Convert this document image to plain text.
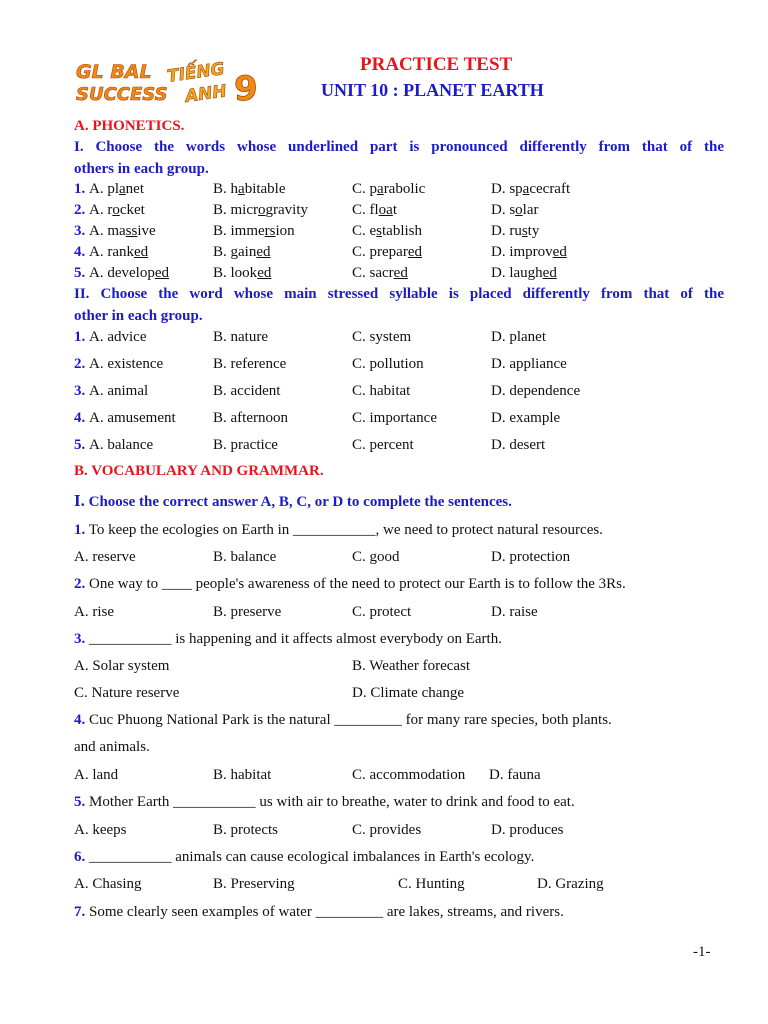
GL BAL
SUCCESS
TIẾNG
ANH 9
PRACTICE TEST
UNIT 10 : PLANET EARTH
A. PHONETICS.
I. Choose the words whose underlined part is pronounced differently from that of the
others in each group.
1. A. planet	B. habitable	C. parabolic	D. spacecraft
2. A. rocket	B. microgravity	C. float	D. solar
3. A. massive	B. immersion	C. establish	D. rusty
4. A. ranked	B. gained	C. prepared	D. improved
5. A. developed	B. looked	C. sacred	D. laughed
II. Choose the word whose main stressed syllable is placed differently from that of the
other in each group.
1. A. advice	B. nature	C. system	D. planet
2. A. existence	B. reference	C. pollution	D. appliance
3. A. animal	B. accident	C. habitat	D. dependence
4. A. amusement B. afternoon	C. importance	D. example
5. A. balance	B. practice	C. percent	D. desert
B. VOCABULARY AND GRAMMAR.
I. Choose the correct answer A, B, C, or D to complete the sentences.
1. To keep the ecologies on Earth in ___________, we need to protect natural resources.
A. reserve	B. balance	C. good	D. protection
2. One way to ____ people's awareness of the need to protect our Earth is to follow the 3Rs.
A. rise	B. preserve	C. protect	D. raise
3. ___________ is happening and it affects almost everybody on Earth.
A. Solar system	B. Weather forecast
C. Nature reserve	D. Climate change
4. Cuc Phuong National Park is the natural _________ for many rare species, both plants.
and animals.
A. land	B. habitat	C. accommodation D. fauna
5. Mother Earth ___________ us with air to breathe, water to drink and food to eat.
A. keeps	B. protects	C. provides	D. produces
6. ___________ animals can cause ecological imbalances in Earth's ecology.
A. Chasing	B. Preserving	C. Hunting	D. Grazing
7. Some clearly seen examples of water _________ are lakes, streams, and rivers.
-1-
